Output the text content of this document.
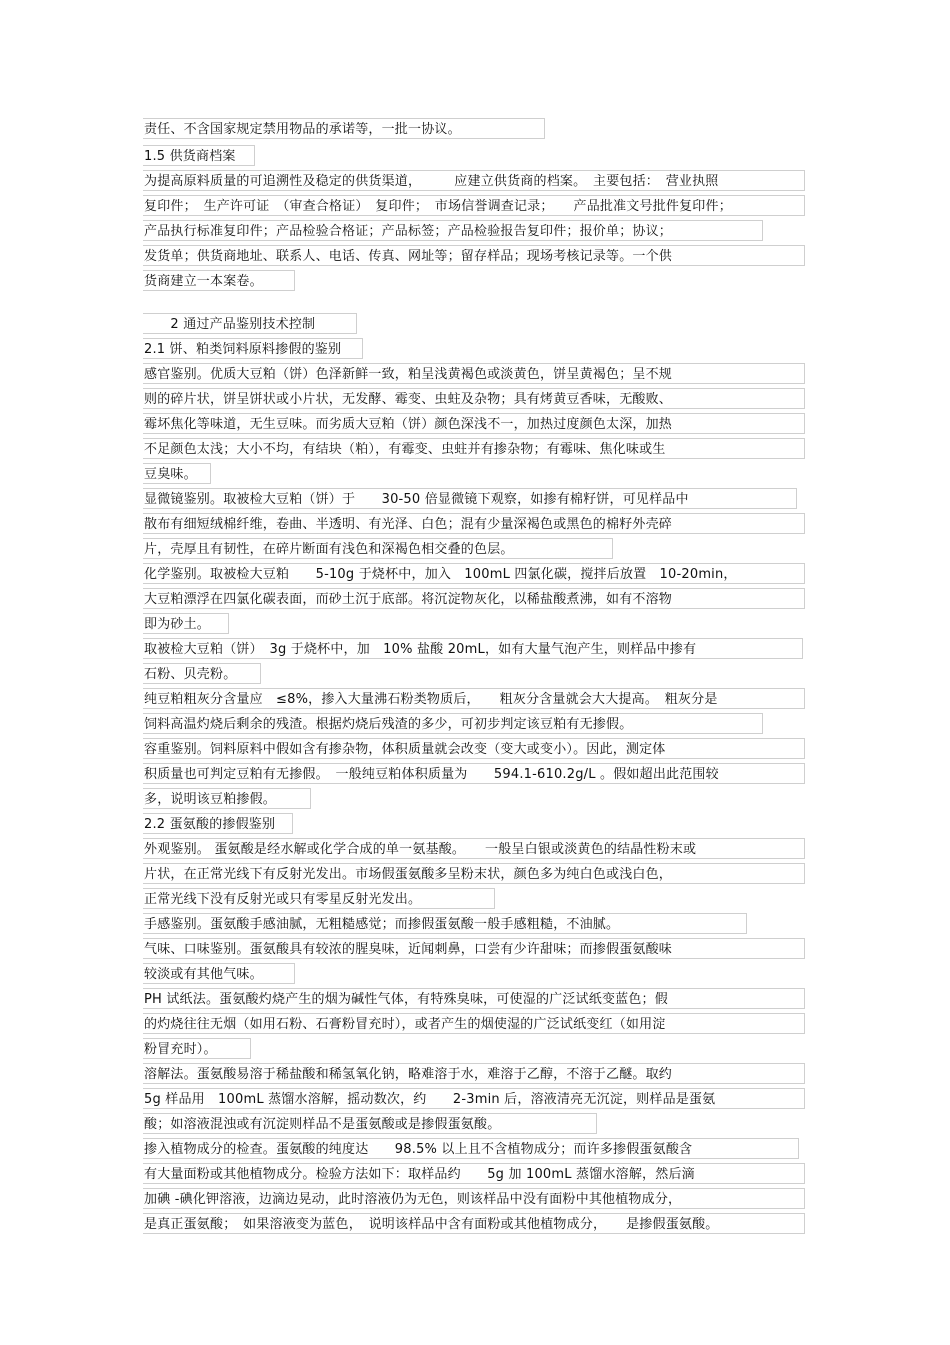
责任、不含国家规定禁用物品的承诺等，一批一协议。
1.5 供货商档案
为提高原料质量的可追溯性及稳定的供货渠道，　　　应建立供货商的档案。　主要包括：　营业执照
复印件；　生产许可证　（审查合格证）　复印件；　市场信誉调查记录；　　产品批准文号批件复印件；
产品执行标准复印件；产品检验合格证；产品标签；产品检验报告复印件；报价单；协议；
发货单；供货商地址、联系人、电话、传真、网址等；留存样品；现场考核记录等。一个供
货商建立一本案卷。
　　2 通过产品鉴别技术控制
2.1 饼、粕类饲料原料掺假的鉴别
感官鉴别。优质大豆粕（饼）色泽新鲜一致，粕呈浅黄褐色或淡黄色，饼呈黄褐色；呈不规
则的碎片状，饼呈饼状或小片状，无发酵、霉变、虫蛀及杂物；具有烤黄豆香味，无酸败、
霉坏焦化等味道，无生豆味。而劣质大豆粕（饼）颜色深浅不一，加热过度颜色太深，加热
不足颜色太浅；大小不均，有结块（粕），有霉变、虫蛀并有掺杂物；有霉味、焦化味或生
豆臭味。
显微镜鉴别。取被检大豆粕（饼）于　　30-50 倍显微镜下观察，如掺有棉籽饼，可见样品中
散布有细短绒棉纤维，卷曲、半透明、有光泽、白色；混有少量深褐色或黑色的棉籽外壳碎
片，壳厚且有韧性，在碎片断面有浅色和深褐色相交叠的色层。
化学鉴别。取被检大豆粕　　5-10g 于烧杯中，加入　100mL 四氯化碳，搅拌后放置　10-20min，
大豆粕漂浮在四氯化碳表面，而砂土沉于底部。将沉淀物灰化，以稀盐酸煮沸，如有不溶物
即为砂土。
取被检大豆粕（饼）　3g 于烧杯中，加　10% 盐酸 20mL，如有大量气泡产生，则样品中掺有
石粉、贝壳粉。
纯豆粕粗灰分含量应　≤8%，掺入大量沸石粉类物质后，　　粗灰分含量就会大大提高。　粗灰分是
饲料高温灼烧后剩余的残渣。根据灼烧后残渣的多少，可初步判定该豆粕有无掺假。
容重鉴别。饲料原料中假如含有掺杂物，体积质量就会改变（变大或变小）。因此，测定体
积质量也可判定豆粕有无掺假。　一般纯豆粕体积质量为　　594.1-610.2g/L 。假如超出此范围较
多，说明该豆粕掺假。
2.2 蛋氨酸的掺假鉴别
外观鉴别。 蛋氨酸是经水解或化学合成的单一氨基酸。　　一般呈白银或淡黄色的结晶性粉末或
片状，在正常光线下有反射光发出。市场假蛋氨酸多呈粉末状，颜色多为纯白色或浅白色，
正常光线下没有反射光或只有零星反射光发出。
手感鉴别。蛋氨酸手感油腻，无粗糙感觉；而掺假蛋氨酸一般手感粗糙，不油腻。
气味、口味鉴别。蛋氨酸具有较浓的腥臭味，近闻刺鼻，口尝有少许甜味；而掺假蛋氨酸味
较淡或有其他气味。
PH 试纸法。蛋氨酸灼烧产生的烟为碱性气体，有特殊臭味，可使湿的广泛试纸变蓝色；假
的灼烧往往无烟（如用石粉、石膏粉冒充时），或者产生的烟使湿的广泛试纸变红（如用淀
粉冒充时）。
溶解法。蛋氨酸易溶于稀盐酸和稀氢氧化钠，略难溶于水，难溶于乙醇，不溶于乙醚。取约
5g 样品用　100mL 蒸馏水溶解，摇动数次，约　　2-3min 后，溶液清亮无沉淀，则样品是蛋氨
酸；如溶液混浊或有沉淀则样品不是蛋氨酸或是掺假蛋氨酸。
掺入植物成分的检查。蛋氨酸的纯度达　　98.5% 以上且不含植物成分；而许多掺假蛋氨酸含
有大量面粉或其他植物成分。检验方法如下：取样品约　　5g 加 100mL 蒸馏水溶解，然后滴
加碘 -碘化钾溶液，边滴边晃动，此时溶液仍为无色，则该样品中没有面粉中其他植物成分，
是真正蛋氨酸；　如果溶液变为蓝色，　说明该样品中含有面粉或其他植物成分，　　是掺假蛋氨酸。
